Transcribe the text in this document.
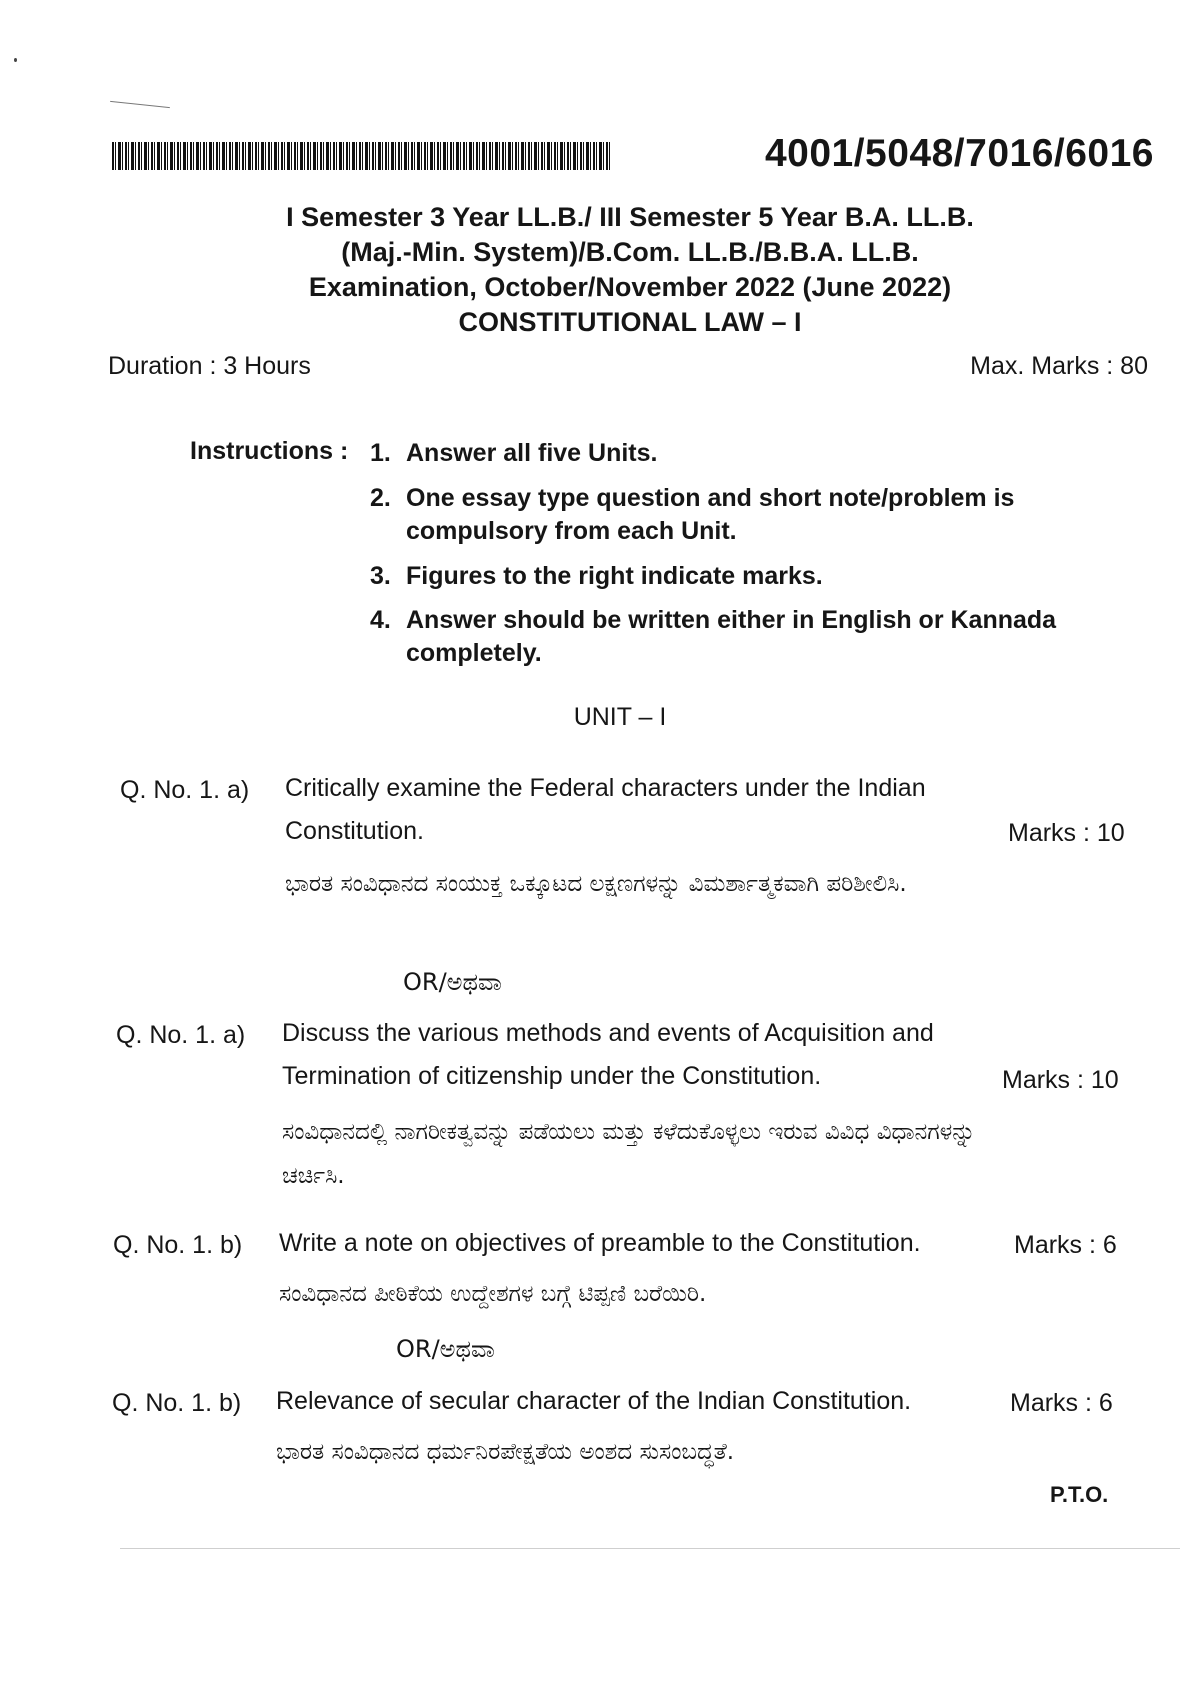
4001/5048/7016/6016
I Semester 3 Year LL.B./ III Semester 5 Year B.A. LL.B.
(Maj.-Min. System)/B.Com. LL.B./B.B.A. LL.B.
Examination, October/November 2022 (June 2022)
CONSTITUTIONAL LAW – I
Duration : 3 Hours	Max. Marks : 80
Instructions : 1. Answer all five Units.
2. One essay type question and short note/problem is compulsory from each Unit.
3. Figures to the right indicate marks.
4. Answer should be written either in English or Kannada completely.
UNIT – I
Q. No. 1. a) Critically examine the Federal characters under the Indian Constitution.	Marks : 10
ಭಾರತ ಸಂವಿಧಾನದ ಸಂಯುಕ್ತ ಒಕ್ಕೂಟದ ಲಕ್ಷಣಗಳನ್ನು ವಿಮರ್ಶಾತ್ಮಕವಾಗಿ ಪರಿಶೀಲಿಸಿ.
OR/ಅಥವಾ
Q. No. 1. a) Discuss the various methods and events of Acquisition and Termination of citizenship under the Constitution.	Marks : 10
ಸಂವಿಧಾನದಲ್ಲಿ ನಾಗರೀಕತ್ವವನ್ನು ಪಡೆಯಲು ಮತ್ತು ಕಳೆದುಕೊಳ್ಳಲು ಇರುವ ವಿವಿಧ ವಿಧಾನಗಳನ್ನು ಚರ್ಚಿಸಿ.
Q. No. 1. b) Write a note on objectives of preamble to the Constitution.	Marks : 6
ಸಂವಿಧಾನದ ಪೀಠಿಕೆಯ ಉದ್ದೇಶಗಳ ಬಗ್ಗೆ ಟಿಪ್ಪಣಿ ಬರೆಯಿರಿ.
OR/ಅಥವಾ
Q. No. 1. b) Relevance of secular character of the Indian Constitution.	Marks : 6
ಭಾರತ ಸಂವಿಧಾನದ ಧರ್ಮನಿರಪೇಕ್ಷತೆಯ ಅಂಶದ ಸುಸಂಬದ್ಧತೆ.
P.T.O.
